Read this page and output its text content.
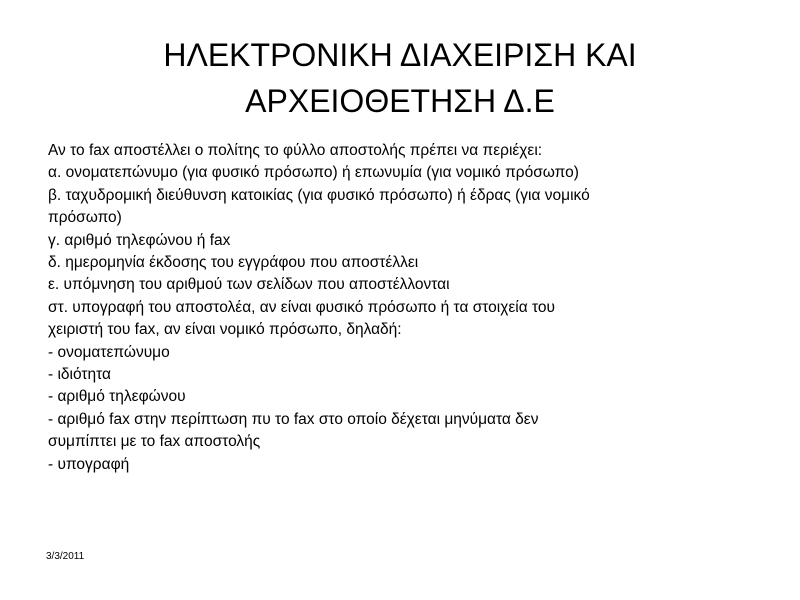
ΗΛΕΚΤΡΟΝΙΚΗ ΔΙΑΧΕΙΡΙΣΗ ΚΑΙ
ΑΡΧΕΙΟΘΕΤΗΣΗ Δ.Ε
Αν το fax αποστέλλει ο πολίτης το φύλλο αποστολής πρέπει να περιέχει:
α. ονοματεπώνυμο (για φυσικό πρόσωπο) ή επωνυμία (για νομικό πρόσωπο)
β. ταχυδρομική διεύθυνση κατοικίας (για φυσικό πρόσωπο) ή έδρας (για νομικό
πρόσωπο)
γ. αριθμό τηλεφώνου ή fax
δ. ημερομηνία έκδοσης του εγγράφου που αποστέλλει
ε. υπόμνηση του αριθμού των σελίδων που αποστέλλονται
στ. υπογραφή του αποστολέα, αν είναι φυσικό πρόσωπο ή τα στοιχεία του
χειριστή του fax, αν είναι νομικό πρόσωπο, δηλαδή:
- ονοματεπώνυμο
- ιδιότητα
- αριθμό τηλεφώνου
- αριθμό fax στην περίπτωση πυ το fax στο οποίο δέχεται μηνύματα δεν
συμπίπτει με το fax αποστολής
- υπογραφή
3/3/2011
